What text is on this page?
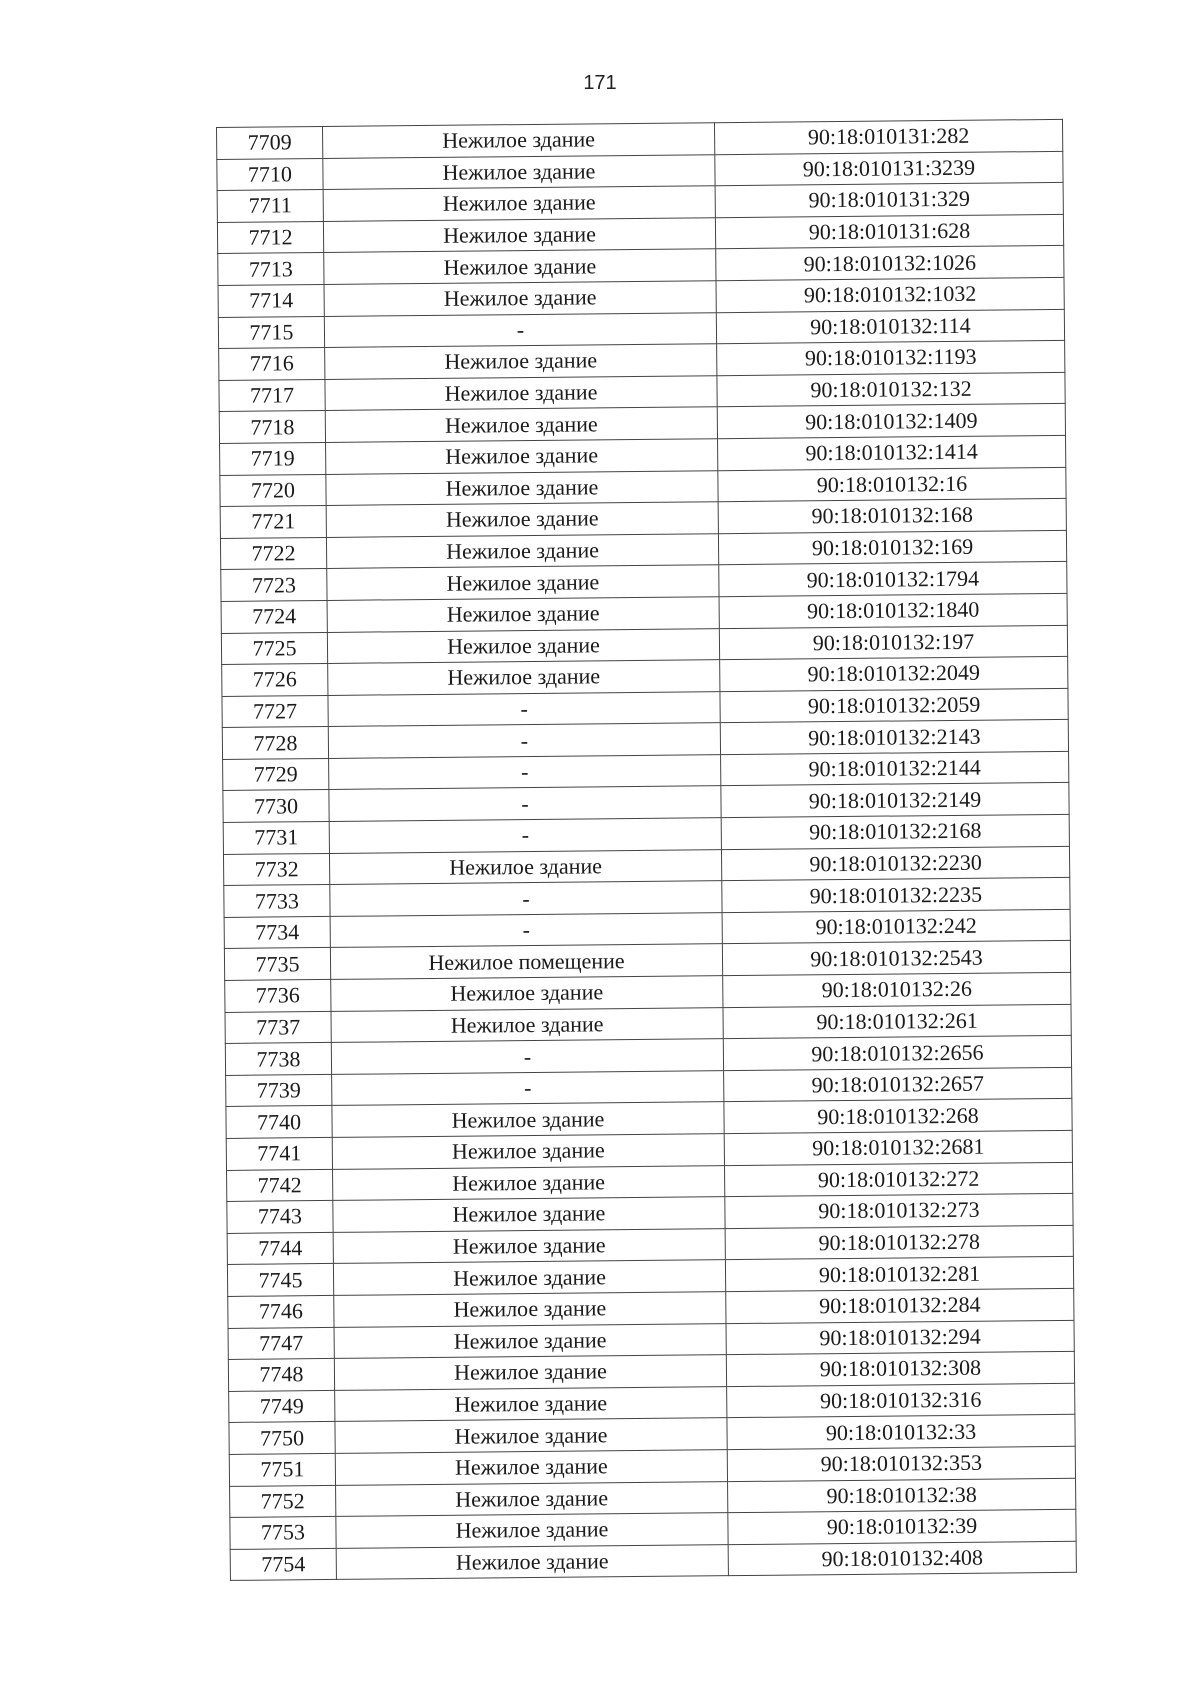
171
7709	Нежилое здание	90:18:010131:282
7710	Нежилое здание	90:18:010131:3239
7711	Нежилое здание	90:18:010131:329
7712	Нежилое здание	90:18:010131:628
7713	Нежилое здание	90:18:010132:1026
7714	Нежилое здание	90:18:010132:1032
7715	-	90:18:010132:114
7716	Нежилое здание	90:18:010132:1193
7717	Нежилое здание	90:18:010132:132
7718	Нежилое здание	90:18:010132:1409
7719	Нежилое здание	90:18:010132:1414
7720	Нежилое здание	90:18:010132:16
7721	Нежилое здание	90:18:010132:168
7722	Нежилое здание	90:18:010132:169
7723	Нежилое здание	90:18:010132:1794
7724	Нежилое здание	90:18:010132:1840
7725	Нежилое здание	90:18:010132:197
7726	Нежилое здание	90:18:010132:2049
7727	-	90:18:010132:2059
7728	-	90:18:010132:2143
7729	-	90:18:010132:2144
7730	-	90:18:010132:2149
7731	-	90:18:010132:2168
7732	Нежилое здание	90:18:010132:2230
7733	-	90:18:010132:2235
7734	-	90:18:010132:242
7735	Нежилое помещение	90:18:010132:2543
7736	Нежилое здание	90:18:010132:26
7737	Нежилое здание	90:18:010132:261
7738	-	90:18:010132:2656
7739	-	90:18:010132:2657
7740	Нежилое здание	90:18:010132:268
7741	Нежилое здание	90:18:010132:2681
7742	Нежилое здание	90:18:010132:272
7743	Нежилое здание	90:18:010132:273
7744	Нежилое здание	90:18:010132:278
7745	Нежилое здание	90:18:010132:281
7746	Нежилое здание	90:18:010132:284
7747	Нежилое здание	90:18:010132:294
7748	Нежилое здание	90:18:010132:308
7749	Нежилое здание	90:18:010132:316
7750	Нежилое здание	90:18:010132:33
7751	Нежилое здание	90:18:010132:353
7752	Нежилое здание	90:18:010132:38
7753	Нежилое здание	90:18:010132:39
7754	Нежилое здание	90:18:010132:408
